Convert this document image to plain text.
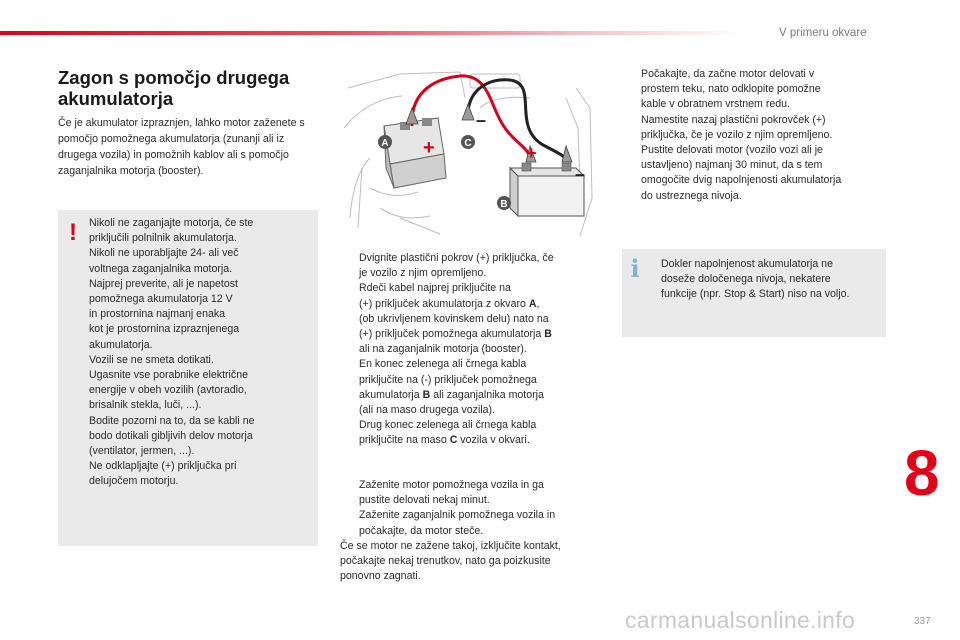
V primeru okvare
Zagon s pomočjo drugega akumulatorja
Če je akumulator izpraznjen, lahko motor zaženete s pomočjo pomožnega akumulatorja (zunanji ali iz drugega vozila) in pomožnih kablov ali s pomočjo zaganjalnika motorja (booster).
! Nikoli ne zaganjajte motorja, če ste
priključili polnilnik akumulatorja.
Nikoli ne uporabljajte 24- ali več
voltnega zaganjalnika motorja.
Najprej preverite, ali je napetost
pomožnega akumulatorja 12 V
in prostornina najmanj enaka
kot je prostornina izpraznjenega
akumulatorja.
Vozili se ne smeta dotikati.
Ugasnite vse porabnike električne
energije v obeh vozilih (avtoradio,
brisalnik stekla, luči, ...).
Bodite pozorni na to, da se kabli ne
bodo dotikali gibljivih delov motorja
(ventilator, jermen, ...).
Ne odklapljajte (+) priključka pri
delujočem motorju.
+	+
–
–
A	C
B
Dvignite plastični pokrov (+) priključka, če
je vozilo z njim opremljeno.
Rdeči kabel najprej priključite na
(+) priključek akumulatorja z okvaro A,
(ob ukrivljenem kovinskem delu) nato na
(+) priključek pomožnega akumulatorja B
ali na zaganjalnik motorja (booster).
En konec zelenega ali črnega kabla
priključite na (-) priključek pomožnega
akumulatorja B ali zaganjalnika motorja
(ali na maso drugega vozila).
Drug konec zelenega ali črnega kabla
priključite na maso C vozila v okvari.
Zaženite motor pomožnega vozila in ga
pustite delovati nekaj minut.
Zaženite zaganjalnik pomožnega vozila in
počakajte, da motor steče.
Če se motor ne zažene takoj, izključite kontakt,
počakajte nekaj trenutkov, nato ga poizkusite
ponovno zagnati.
Počakajte, da začne motor delovati v
prostem teku, nato odklopite pomožne
kable v obratnem vrstnem redu.
Namestite nazaj plastični pokrovček (+)
priključka, če je vozilo z njim opremljeno.
Pustite delovati motor (vozilo vozi ali je
ustavljeno) najmanj 30 minut, da s tem
omogočite dvig napolnjenosti akumulatorja
do ustreznega nivoja.
i Dokler napolnjenost akumulatorja ne
doseže določenega nivoja, nekatere
funkcije (npr. Stop & Start) niso na voljo.
8
carmanualsonline.info	337
